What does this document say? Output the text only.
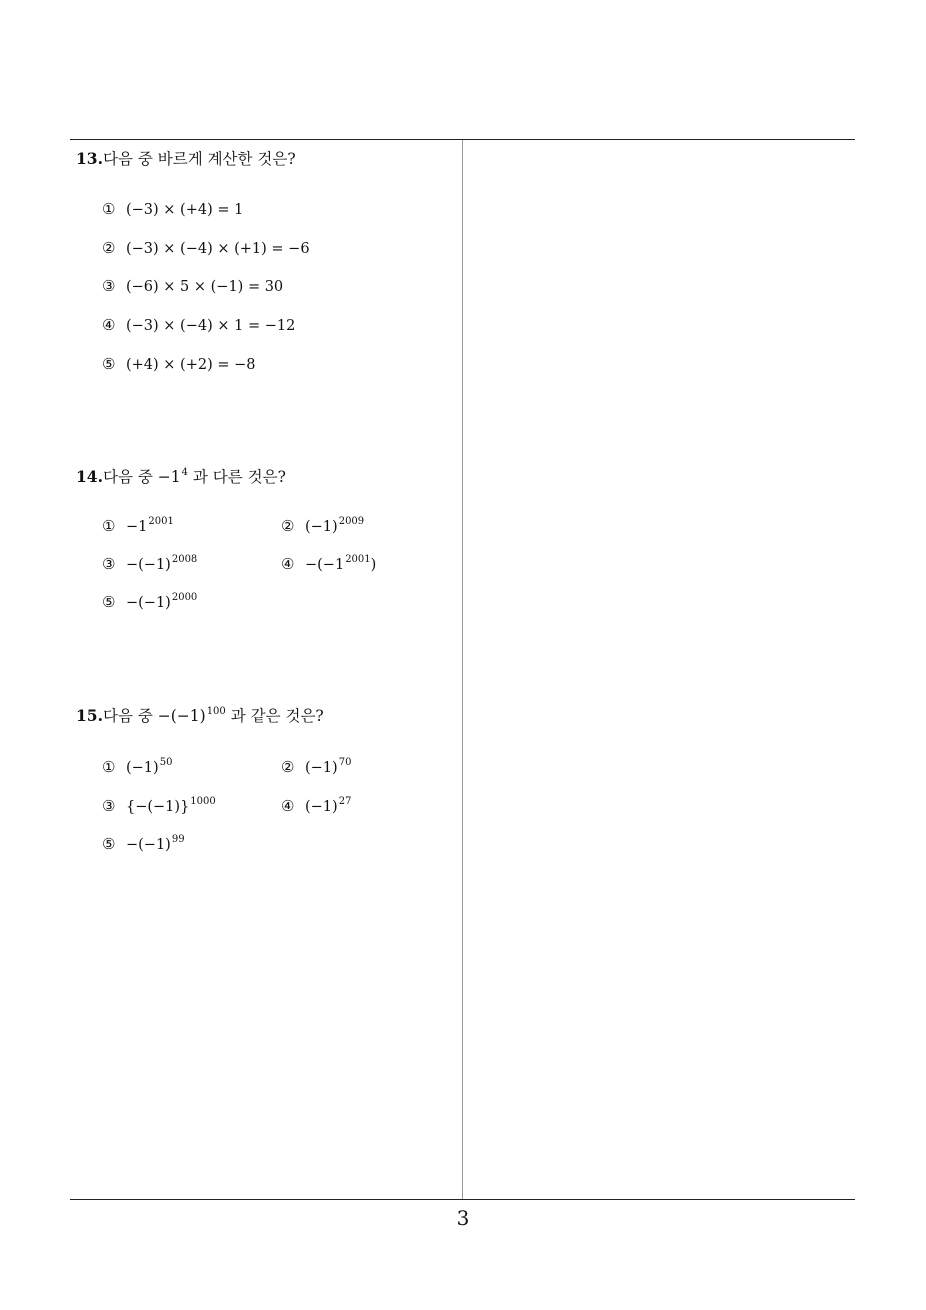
13.다음 중 바르게 계산한 것은?
① (−3) × (+4) = 1
② (−3) × (−4) × (+1) = −6
③ (−6) × 5 × (−1) = 30
④ (−3) × (−4) × 1 = −12
⑤ (+4) × (+2) = −8
14.다음 중 $-1^4$ 과 다른 것은?
① $-1^{2001}$	② $(-1)^{2009}$
③ $-(-1)^{2008}$	④ $-(-1^{2001})$
⑤ $-(-1)^{2000}$
15.다음 중 $-(-1)^{100}$ 과 같은 것은?
① $(-1)^{50}$	② $(-1)^{70}$
③ $\{-(-1)\}^{1000}$	④ $(-1)^{27}$
⑤ $-(-1)^{99}$
3
